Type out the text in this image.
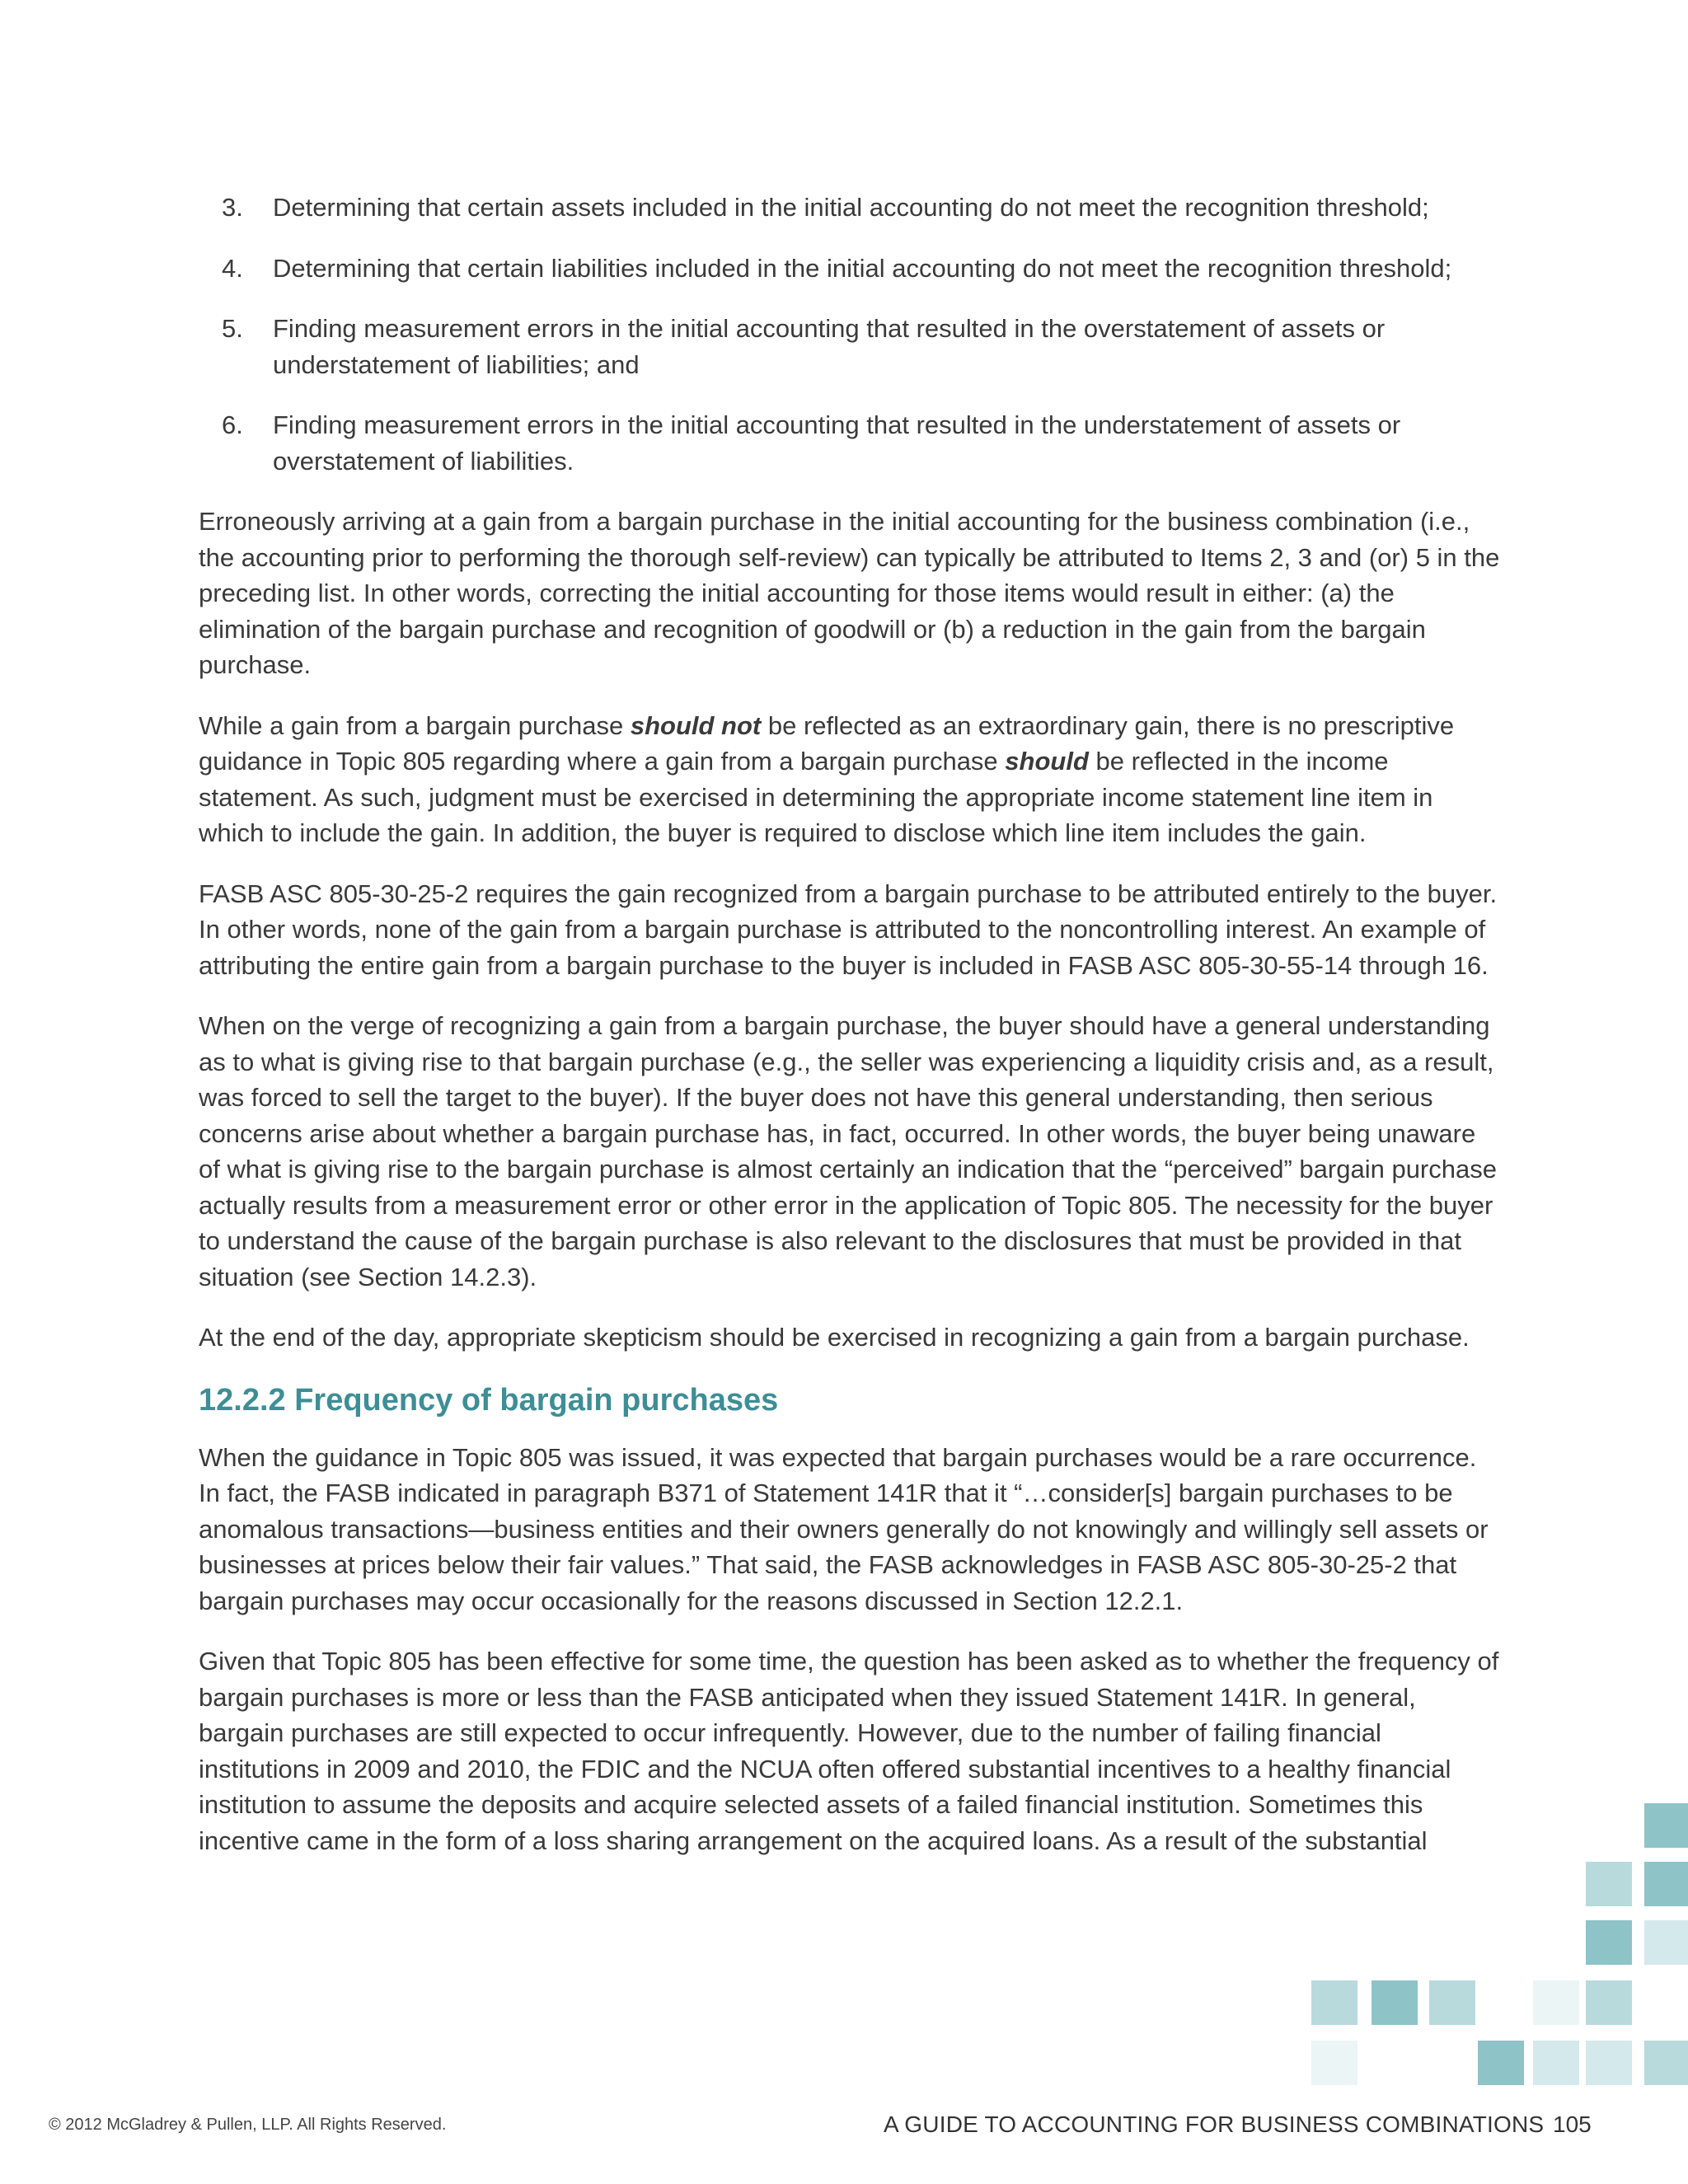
3. Determining that certain assets included in the initial accounting do not meet the recognition threshold;
4. Determining that certain liabilities included in the initial accounting do not meet the recognition threshold;
5. Finding measurement errors in the initial accounting that resulted in the overstatement of assets or understatement of liabilities; and
6. Finding measurement errors in the initial accounting that resulted in the understatement of assets or overstatement of liabilities.

Erroneously arriving at a gain from a bargain purchase in the initial accounting for the business combination (i.e., the accounting prior to performing the thorough self-review) can typically be attributed to Items 2, 3 and (or) 5 in the preceding list. In other words, correcting the initial accounting for those items would result in either: (a) the elimination of the bargain purchase and recognition of goodwill or (b) a reduction in the gain from the bargain purchase.

While a gain from a bargain purchase should not be reflected as an extraordinary gain, there is no prescriptive guidance in Topic 805 regarding where a gain from a bargain purchase should be reflected in the income statement. As such, judgment must be exercised in determining the appropriate income statement line item in which to include the gain. In addition, the buyer is required to disclose which line item includes the gain.

FASB ASC 805-30-25-2 requires the gain recognized from a bargain purchase to be attributed entirely to the buyer. In other words, none of the gain from a bargain purchase is attributed to the noncontrolling interest. An example of attributing the entire gain from a bargain purchase to the buyer is included in FASB ASC 805-30-55-14 through 16.

When on the verge of recognizing a gain from a bargain purchase, the buyer should have a general understanding as to what is giving rise to that bargain purchase (e.g., the seller was experiencing a liquidity crisis and, as a result, was forced to sell the target to the buyer). If the buyer does not have this general understanding, then serious concerns arise about whether a bargain purchase has, in fact, occurred. In other words, the buyer being unaware of what is giving rise to the bargain purchase is almost certainly an indication that the “perceived” bargain purchase actually results from a measurement error or other error in the application of Topic 805. The necessity for the buyer to understand the cause of the bargain purchase is also relevant to the disclosures that must be provided in that situation (see Section 14.2.3).

At the end of the day, appropriate skepticism should be exercised in recognizing a gain from a bargain purchase.

12.2.2 Frequency of bargain purchases

When the guidance in Topic 805 was issued, it was expected that bargain purchases would be a rare occurrence. In fact, the FASB indicated in paragraph B371 of Statement 141R that it “…consider[s] bargain purchases to be anomalous transactions—business entities and their owners generally do not knowingly and willingly sell assets or businesses at prices below their fair values.” That said, the FASB acknowledges in FASB ASC 805-30-25-2 that bargain purchases may occur occasionally for the reasons discussed in Section 12.2.1.

Given that Topic 805 has been effective for some time, the question has been asked as to whether the frequency of bargain purchases is more or less than the FASB anticipated when they issued Statement 141R. In general, bargain purchases are still expected to occur infrequently. However, due to the number of failing financial institutions in 2009 and 2010, the FDIC and the NCUA often offered substantial incentives to a healthy financial institution to assume the deposits and acquire selected assets of a failed financial institution. Sometimes this incentive came in the form of a loss sharing arrangement on the acquired loans. As a result of the substantial

© 2012 McGladrey & Pullen, LLP. All Rights Reserved.	A GUIDE TO ACCOUNTING FOR BUSINESS COMBINATIONS 105
